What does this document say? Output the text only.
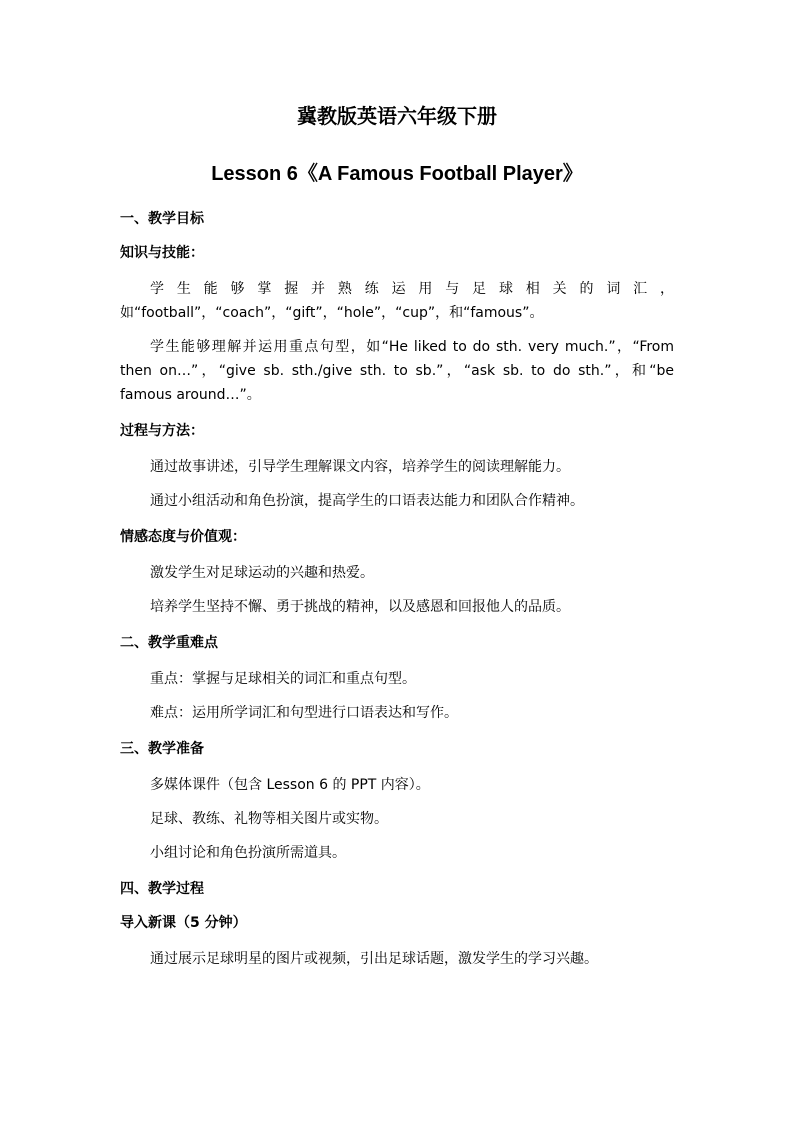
冀教版英语六年级下册
Lesson 6《A Famous Football Player》
一、教学目标
知识与技能：
学生能够掌握并熟练运用与足球相关的词汇，如“football”，“coach”，“gift”，“hole”，“cup”，和“famous”。
学生能够理解并运用重点句型，如“He liked to do sth. very much.”，“From then on…”，“give sb. sth./give sth. to sb.”，“ask sb. to do sth.”，和“be famous around…”。
过程与方法：
通过故事讲述，引导学生理解课文内容，培养学生的阅读理解能力。
通过小组活动和角色扮演，提高学生的口语表达能力和团队合作精神。
情感态度与价值观：
激发学生对足球运动的兴趣和热爱。
培养学生坚持不懈、勇于挑战的精神，以及感恩和回报他人的品质。
二、教学重难点
重点：掌握与足球相关的词汇和重点句型。
难点：运用所学词汇和句型进行口语表达和写作。
三、教学准备
多媒体课件（包含 Lesson 6 的 PPT 内容）。
足球、教练、礼物等相关图片或实物。
小组讨论和角色扮演所需道具。
四、教学过程
导入新课（5 分钟）
通过展示足球明星的图片或视频，引出足球话题，激发学生的学习兴趣。
